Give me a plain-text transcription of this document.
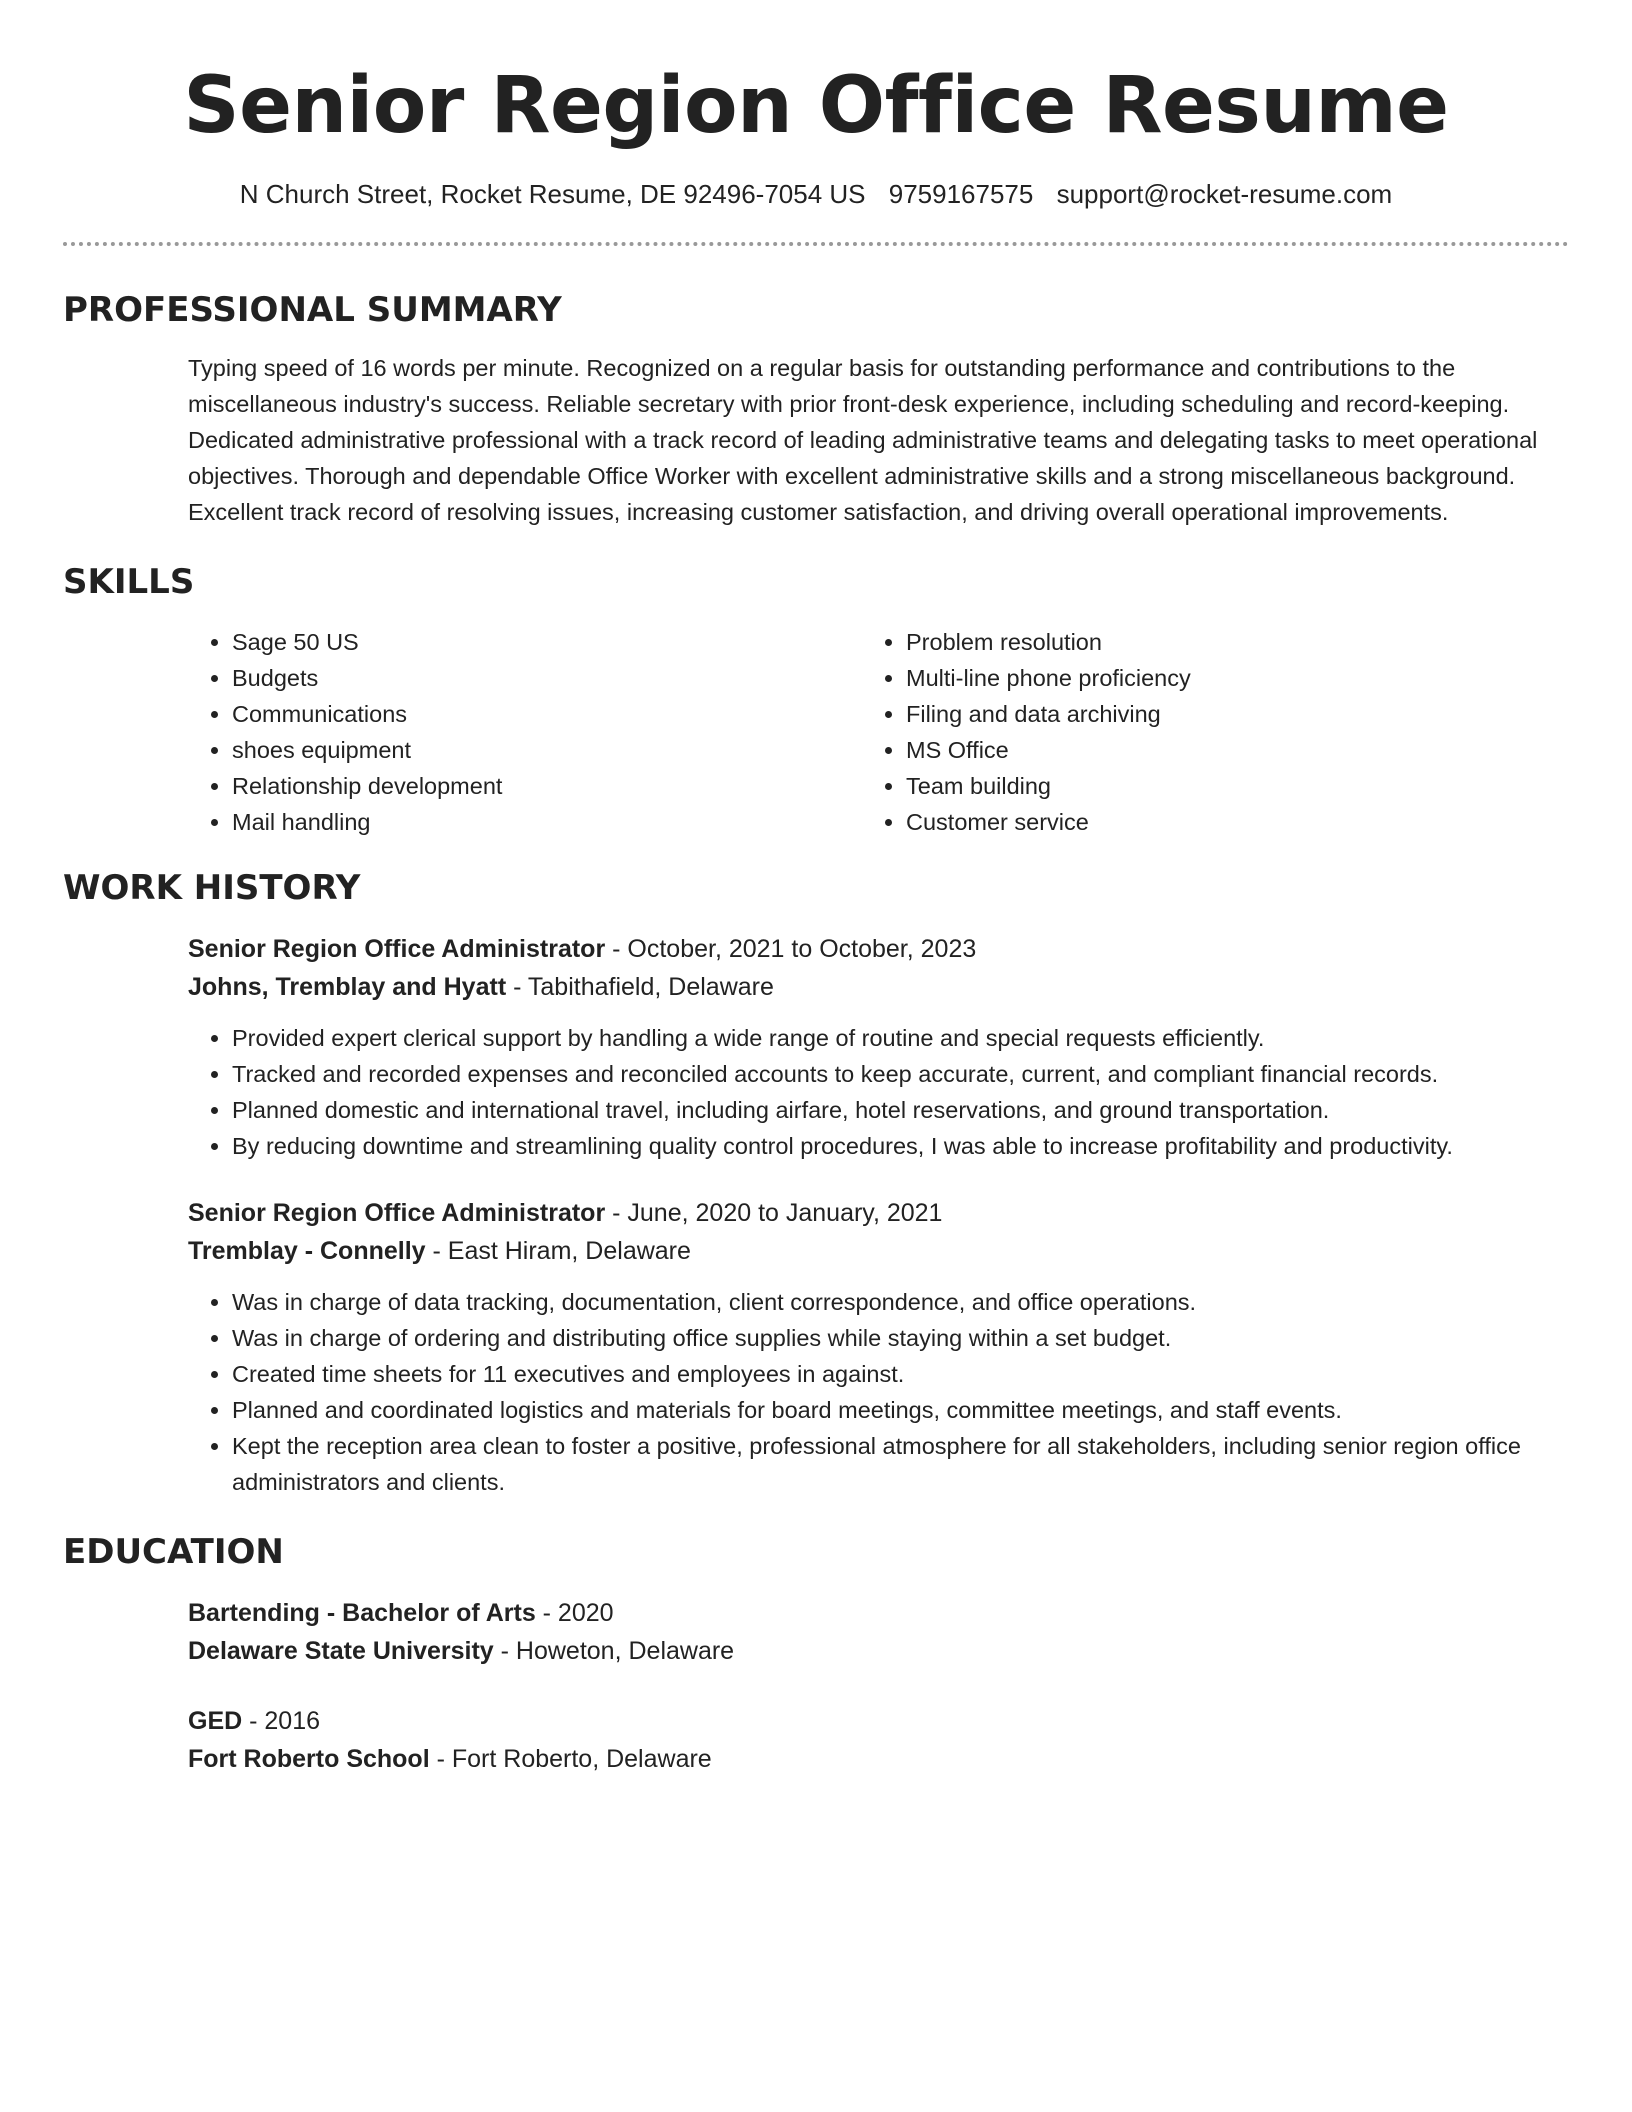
Senior Region Office Resume
N Church Street, Rocket Resume, DE 92496-7054 US 9759167575 support@rocket-resume.com
PROFESSIONAL SUMMARY

Typing speed of 16 words per minute. Recognized on a regular basis for outstanding performance and contributions to the miscellaneous industry's success. Reliable secretary with prior front-desk experience, including scheduling and record-keeping. Dedicated administrative professional with a track record of leading administrative teams and delegating tasks to meet operational objectives. Thorough and dependable Office Worker with excellent administrative skills and a strong miscellaneous background. Excellent track record of resolving issues, increasing customer satisfaction, and driving overall operational improvements.

SKILLS
• Sage 50 US
• Budgets
• Communications
• shoes equipment
• Relationship development
• Mail handling
• Problem resolution
• Multi-line phone proficiency
• Filing and data archiving
• MS Office
• Team building
• Customer service
WORK HISTORY
Senior Region Office Administrator - October, 2021 to October, 2023
Johns, Tremblay and Hyatt - Tabithafield, Delaware
• Provided expert clerical support by handling a wide range of routine and special requests efficiently.
• Tracked and recorded expenses and reconciled accounts to keep accurate, current, and compliant financial records.
• Planned domestic and international travel, including airfare, hotel reservations, and ground transportation.
• By reducing downtime and streamlining quality control procedures, I was able to increase profitability and productivity.
Senior Region Office Administrator - June, 2020 to January, 2021
Tremblay - Connelly - East Hiram, Delaware
• Was in charge of data tracking, documentation, client correspondence, and office operations.
• Was in charge of ordering and distributing office supplies while staying within a set budget.
• Created time sheets for 11 executives and employees in against.
• Planned and coordinated logistics and materials for board meetings, committee meetings, and staff events.
• Kept the reception area clean to foster a positive, professional atmosphere for all stakeholders, including senior region office administrators and clients.
EDUCATION
Bartending - Bachelor of Arts - 2020
Delaware State University - Howeton, Delaware
GED - 2016
Fort Roberto School - Fort Roberto, Delaware
